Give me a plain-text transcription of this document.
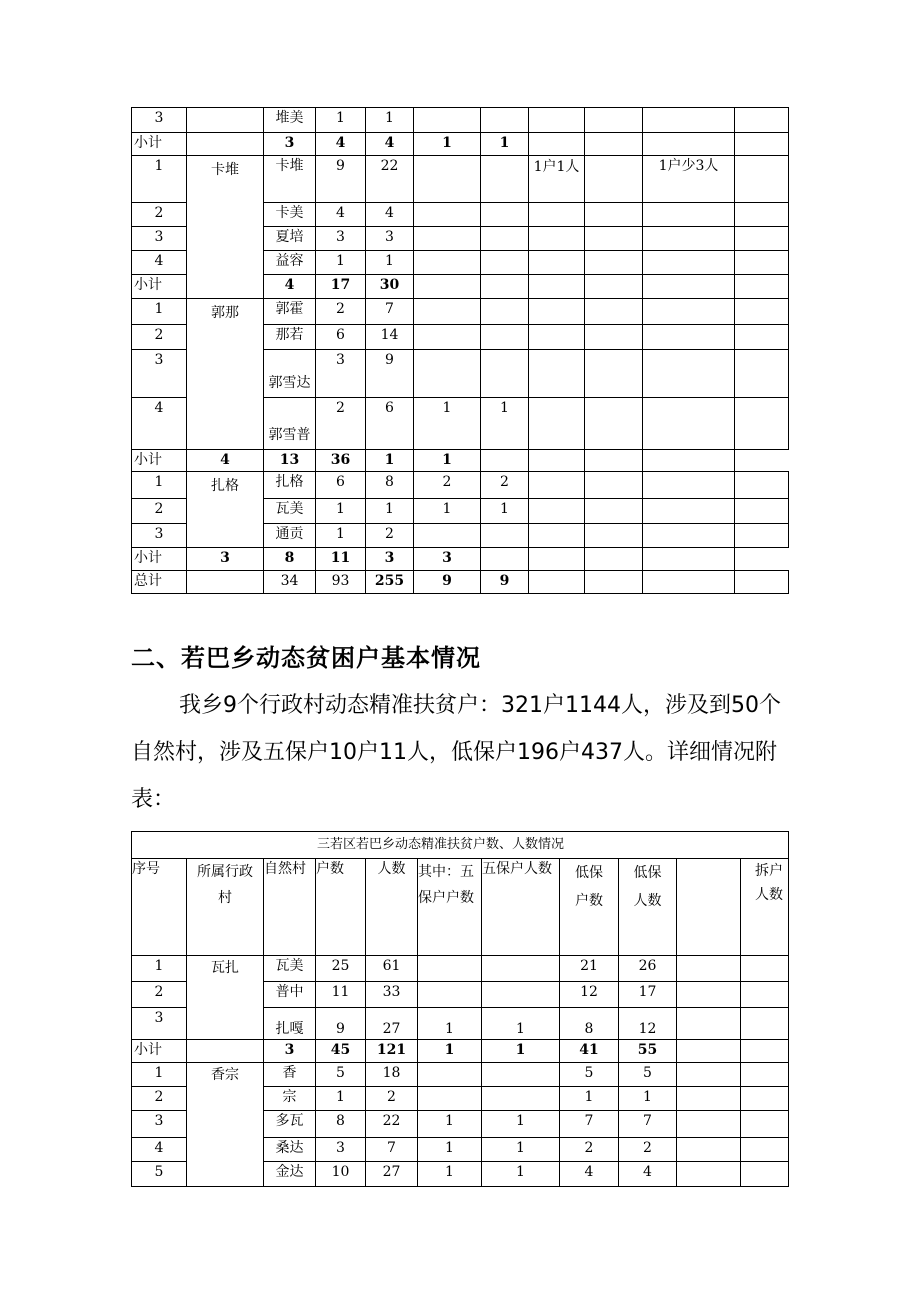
3		堆美	1	1						
小计		3	4	4	1	1				
1	卡堆	卡堆	9	22			1户1人		1户少3人	
2		卡美	4	4						
3		夏培	3	3						
4		益容	1	1						
小计		4	17	30						
1	郭那	郭霍	2	7						
2		那若	6	14						
3		郭雪达	3	9						
4		郭雪普	2	6	1	1				
小计	4	13	36	1	1					
1	扎格	扎格	6	8	2	2				
2		瓦美	1	1	1	1				
3		通贡	1	2						
小计	3	8	11	3	3					
总计		34	93	255	9	9				
二、若巴乡动态贫困户基本情况
我乡9个行政村动态精准扶贫户：321户1144人，涉及到50个自然村，涉及五保户10户11人，低保户196户437人。详细情况附表：
三若区若巴乡动态精准扶贫户数、人数情况										
序号	所属行政村	自然村	户数	人数	其中：五保户户数	五保户人数	低保户数	低保人数		拆户人数
1	瓦扎	瓦美	25	61			21	26		
2		普中	11	33			12	17		
3		扎嘎	9	27	1	1	8	12		
小计		3	45	121	1	1	41	55		
1	香宗	香	5	18			5	5		
2		宗	1	2			1	1		
3		多瓦	8	22	1	1	7	7		
4		桑达	3	7	1	1	2	2		
5		金达	10	27	1	1	4	4		
